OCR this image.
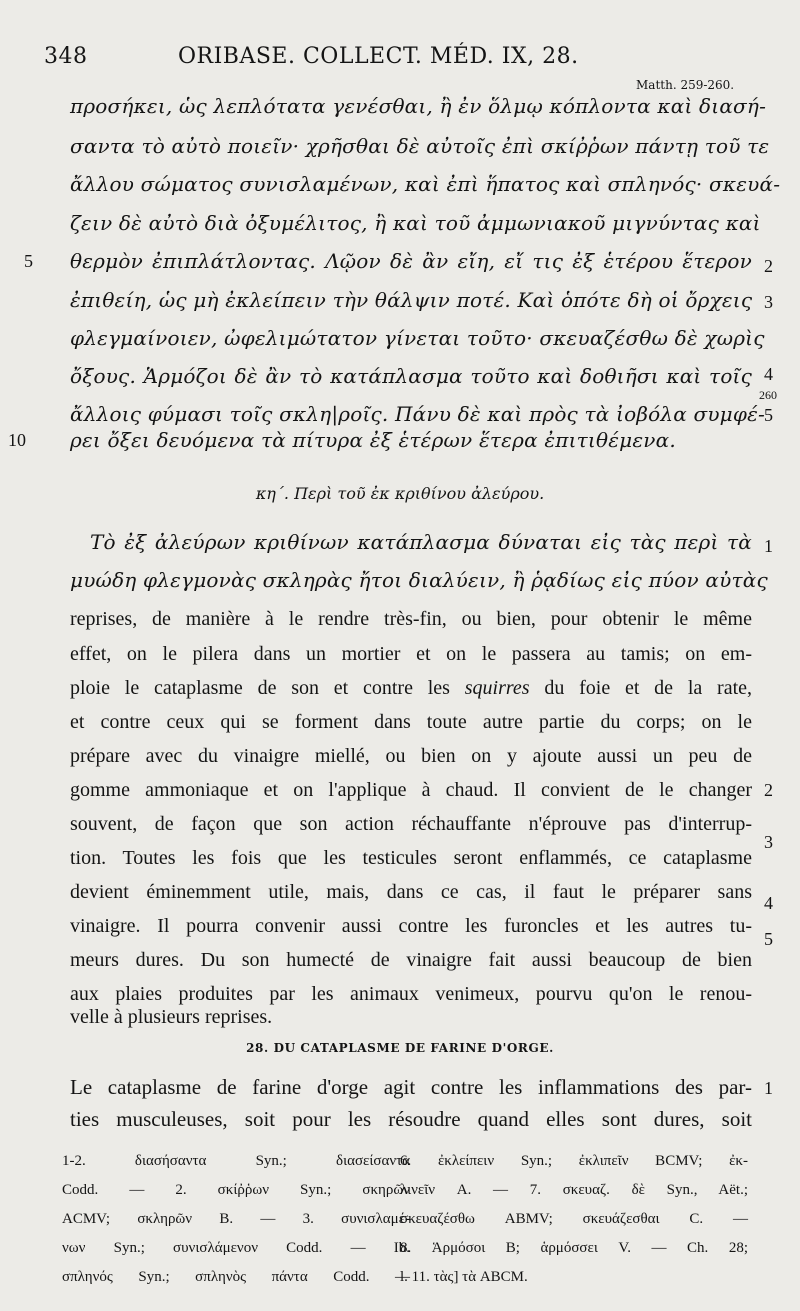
348	ORIBASE. COLLECT. MÉD. IX, 28.
Matth. 259-260.
προσήκει, ὡς λεπλότατα γενέσθαι, ἢ ἐν ὅλμῳ κόπλοντα καὶ διασή-
σαντα τὸ αὐτὸ ποιεῖν· χρῆσθαι δὲ αὐτοῖς ἐπὶ σκίῤῥων πάντῃ τοῦ τε
ἄλλου σώματος συνισλαμένων, καὶ ἐπὶ ἥπατος καὶ σπληνός· σκευά-
ζειν δὲ αὐτὸ διὰ ὀξυμέλιτος, ἢ καὶ τοῦ ἀμμωνιακοῦ μιγνύντας καὶ
θερμὸν ἐπιπλάτλοντας. Λῷον δὲ ἂν εἴη, εἴ τις ἐξ ἑτέρου ἕτερον
ἐπιθείη, ὡς μὴ ἐκλείπειν τὴν θάλψιν ποτέ. Καὶ ὁπότε δὴ οἱ ὄρχεις
φλεγμαίνοιεν, ὠφελιμώτατον γίνεται τοῦτο· σκευαζέσθω δὲ χωρὶς
ὄξους. Ἁρμόζοι δὲ ἂν τὸ κατάπλασμα τοῦτο καὶ δοθιῆσι καὶ τοῖς
ἄλλοις φύμασι τοῖς σκλη|ροῖς. Πάνυ δὲ καὶ πρὸς τὰ ἰοβόλα συμφέ-
ρει ὄξει δευόμενα τὰ πίτυρα ἐξ ἑτέρων ἕτερα ἐπιτιθέμενα.
5
10
2
3
4
260
5
κη΄. Περὶ τοῦ ἐκ κριθίνου ἀλεύρου.
Τὸ ἐξ ἀλεύρων κριθίνων κατάπλασμα δύναται εἰς τὰς περὶ τὰ
μυώδη φλεγμονὰς σκληρὰς ἤτοι διαλύειν, ἢ ῥᾳδίως εἰς πύον αὐτὰς
1
reprises, de manière à le rendre très-fin, ou bien, pour obtenir le même
effet, on le pilera dans un mortier et on le passera au tamis; on em-
ploie le cataplasme de son et contre les squirres du foie et de la rate,
et contre ceux qui se forment dans toute autre partie du corps; on le
prépare avec du vinaigre miellé, ou bien on y ajoute aussi un peu de
gomme ammoniaque et on l'applique à chaud. Il convient de le changer
souvent, de façon que son action réchauffante n'éprouve pas d'interrup-
tion. Toutes les fois que les testicules seront enflammés, ce cataplasme
devient éminemment utile, mais, dans ce cas, il faut le préparer sans
vinaigre. Il pourra convenir aussi contre les furoncles et les autres tu-
meurs dures. Du son humecté de vinaigre fait aussi beaucoup de bien
aux plaies produites par les animaux venimeux, pourvu qu'on le renou-
velle à plusieurs reprises.
2
3
4
5
28. DU CATAPLASME DE FARINE D'ORGE.
Le cataplasme de farine d'orge agit contre les inflammations des par-
ties musculeuses, soit pour les résoudre quand elles sont dures, soit
1
1-2. διασήσαντα Syn.; διασείσαντα
Codd. — 2. σκίῤῥων Syn.; σκηρῶν
ACMV; σκληρῶν B. — 3. συνισλαμέ-
νων Syn.; συνισλάμενον Codd. — Ib.
σπληνός Syn.; σπληνὸς πάντα Codd. —
6. ἐκλείπειν Syn.; ἐκλιπεῖν BCMV; ἐκ-
λινεῖν A. — 7. σκευαζ. δὲ Syn., Aët.;
σκευαζέσθω ABMV; σκευάζεσθαι C. —
8. Ἁρμόσοι B; ἁρμόσσει V. — Ch. 28;
l. 11. τὰς] τὰ ABCM.
